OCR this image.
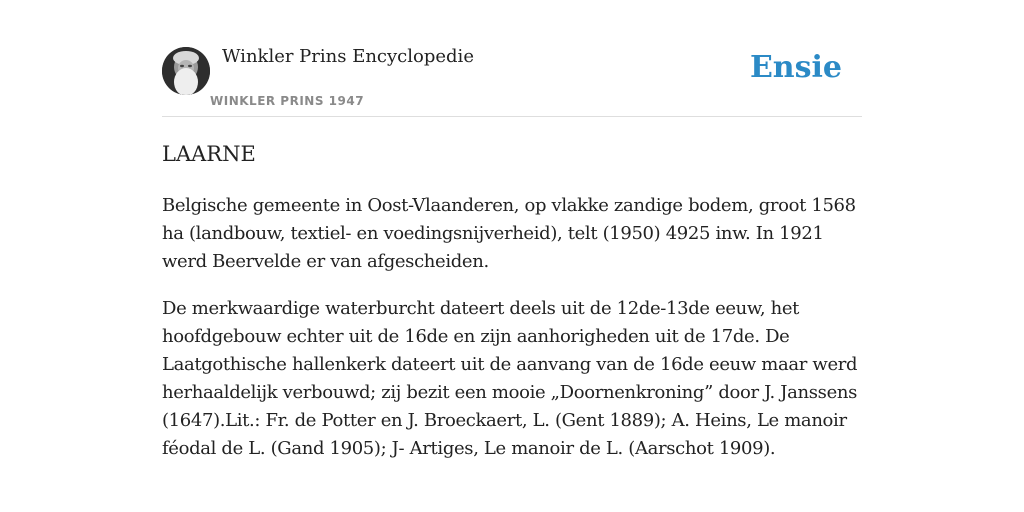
Winkler Prins Encyclopedie
WINKLER PRINS 1947
Ensie
LAARNE

Belgische gemeente in Oost-Vlaanderen, op vlakke zandige bodem, groot 1568 ha (landbouw, textiel- en voedingsnijverheid), telt (1950) 4925 inw. In 1921 werd Beervelde er van afgescheiden.

De merkwaardige waterburcht dateert deels uit de 12de-13de eeuw, het hoofdgebouw echter uit de 16de en zijn aanhorigheden uit de 17de. De Laatgothische hallenkerk dateert uit de aanvang van de 16de eeuw maar werd herhaaldelijk verbouwd; zij bezit een mooie „Doornenkroning” door J. Janssens (1647).Lit.: Fr. de Potter en J. Broeckaert, L. (Gent 1889); A. Heins, Le manoir féodal de L. (Gand 1905); J- Artiges, Le manoir de L. (Aarschot 1909).
